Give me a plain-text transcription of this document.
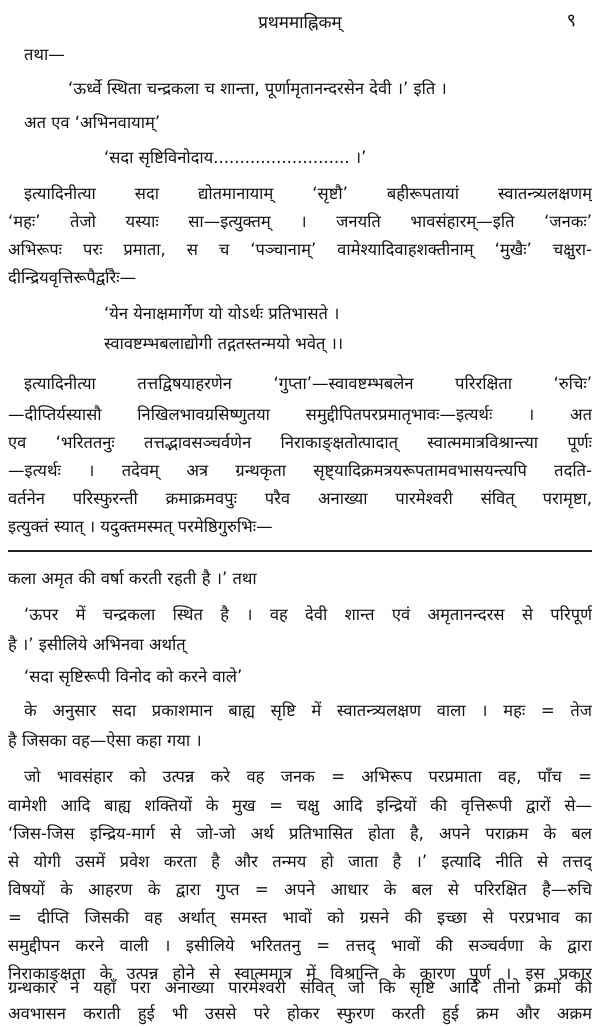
प्रथममाह्निकम्	९
तथा—
‘ऊर्ध्वे स्थिता चन्द्रकला च शान्ता, पूर्णामृतानन्दरसेन देवी ।’ इति ।
अत एव ‘अभिनवायाम्’
‘सदा सृष्टिविनोदाय.......................... ।’
इत्यादिनीत्या सदा द्योतमानायाम् ‘सृष्टौ’ बहीरूपतायां स्वातन्त्र्यलक्षणम्
‘महः’ तेजो यस्याः सा—इत्युक्तम् । जनयति भावसंहारम्—इति ‘जनकः’
अभिरूपः परः प्रमाता, स च ‘पञ्चानाम्’ वामेश्यादिवाहशक्तीनाम् ‘मुखैः’ चक्षुरा-
दीन्द्रियवृत्तिरूपैर्द्वारैः—
‘येन येनाक्षमार्गेण यो योऽर्थः प्रतिभासते ।
स्वावष्टम्भबलाद्योगी तद्गतस्तन्मयो भवेत् ।।
इत्यादिनीत्या तत्तद्विषयाहरणेन ‘गुप्ता’—स्वावष्टम्भबलेन परिरक्षिता ‘रुचिः’
—दीप्तिर्यस्यासौ निखिलभावग्रसिष्णुतया समुद्दीपितपरप्रमातृभावः—इत्यर्थः । अत
एव ‘भरिततनुः तत्तद्भावसञ्चर्वणेन निराकाङ्क्षतोत्पादात् स्वात्ममात्रविश्रान्त्या पूर्णः
—इत्यर्थः । तदेवम् अत्र ग्रन्थकृता सृष्ट्यादिक्रमत्रयरूपतामवभासयन्त्यपि तदति-
वर्तनेन परिस्फुरन्ती क्रमाक्रमवपुः परैव अनाख्या पारमेश्वरी संवित् परामृष्टा,
इत्युक्तं स्यात् । यदुक्तमस्मत् परमेष्ठिगुरुभिः—
कला अमृत की वर्षा करती रहती है ।’ तथा
‘ऊपर में चन्द्रकला स्थित है । वह देवी शान्त एवं अमृतानन्दरस से परिपूर्ण
है ।’ इसीलिये अभिनवा अर्थात्
‘सदा सृष्टिरूपी विनोद को करने वाले’
के अनुसार सदा प्रकाशमान बाह्य सृष्टि में स्वातन्त्र्यलक्षण वाला । महः = तेज
है जिसका वह—ऐसा कहा गया ।
जो भावसंहार को उत्पन्न करे वह जनक = अभिरूप परप्रमाता वह, पाँच =
वामेशी आदि बाह्य शक्तियों के मुख = चक्षु आदि इन्द्रियों की वृत्तिरूपी द्वारों से—
‘जिस-जिस इन्द्रिय-मार्ग से जो-जो अर्थ प्रतिभासित होता है, अपने पराक्रम के बल
से योगी उसमें प्रवेश करता है और तन्मय हो जाता है ।’ इत्यादि नीति से तत्तद्
विषयों के आहरण के द्वारा गुप्त = अपने आधार के बल से परिरक्षित है—रुचि
= दीप्ति जिसकी वह अर्थात् समस्त भावों को ग्रसने की इच्छा से परप्रभाव का
समुद्दीपन करने वाली । इसीलिये भरिततनु = तत्तद् भावों की सञ्चर्वणा के द्वारा
निराकाङ्क्षता के उत्पन्न होने से स्वात्ममात्र में विश्रान्ति के कारण पूर्ण । इस प्रकार
ग्रन्थकार ने यहाँ परा अनाख्या पारमेश्वरी संवित् जो कि सृष्टि आदि तीनो क्रमों की
अवभासन कराती हुई भी उससे परे होकर स्फुरण करती हुई क्रम और अक्रम
